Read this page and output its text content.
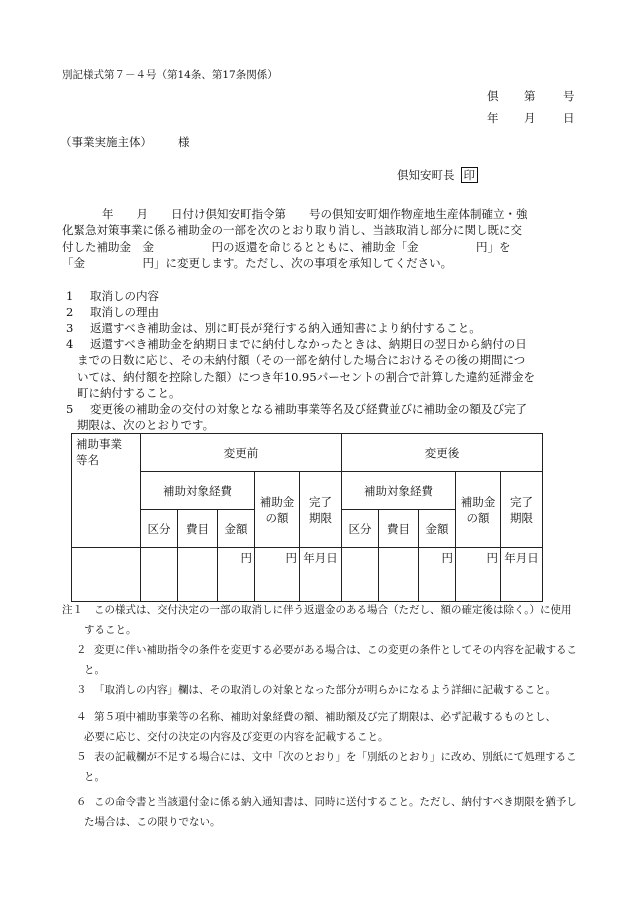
別記様式第７－４号（第14条、第17条関係）
倶 第 号
年 月 日
（事業実施主体） 様
倶知安町長 印
年　　月　　日付け倶知安町指令第　　号の倶知安町畑作物産地生産体制確立・強
化緊急対策事業に係る補助金の一部を次のとおり取り消し、当該取消し部分に関し既に交
付した補助金　金　　　　　円の返還を命じるとともに、補助金「金　　　　　円」を
「金　　　　　円」に変更します。ただし、次の事項を承知してください。
1 取消しの内容
2 取消しの理由
3 返還すべき補助金は、別に町長が発行する納入通知書により納付すること。
4 返還すべき補助金を納期日までに納付しなかったときは、納期日の翌日から納付の日
までの日数に応じ、その未納付額（その一部を納付した場合におけるその後の期間につ
いては、納付額を控除した額）につき年10.95パーセントの割合で計算した違約延滞金を
町に納付すること。
5 変更後の補助金の交付の対象となる補助事業等名及び経費並びに補助金の額及び完了
期限は、次のとおりです。
補助事業等名	変更前					変更後				
	補助対象経費			補助金の額	完了期限	補助対象経費			補助金の額	完了期限

	区分	費目	金額			区分	費目	金額		
			円	円	年月日			円	円	年月日
注１ この様式は、交付決定の一部の取消しに伴う返還金のある場合（ただし、額の確定後は除く。）に使用
すること。
２ 変更に伴い補助指令の条件を変更する必要がある場合は、この変更の条件としてその内容を記載するこ
と。
３ 「取消しの内容」欄は、その取消しの対象となった部分が明らかになるよう詳細に記載すること。
４ 第５項中補助事業等の名称、補助対象経費の額、補助額及び完了期限は、必ず記載するものとし、
必要に応じ、交付の決定の内容及び変更の内容を記載すること。
５ 表の記載欄が不足する場合には、文中「次のとおり」を「別紙のとおり」に改め、別紙にて処理するこ
と。
６ この命令書と当該還付金に係る納入通知書は、同時に送付すること。ただし、納付すべき期限を猶予し
た場合は、この限りでない。
